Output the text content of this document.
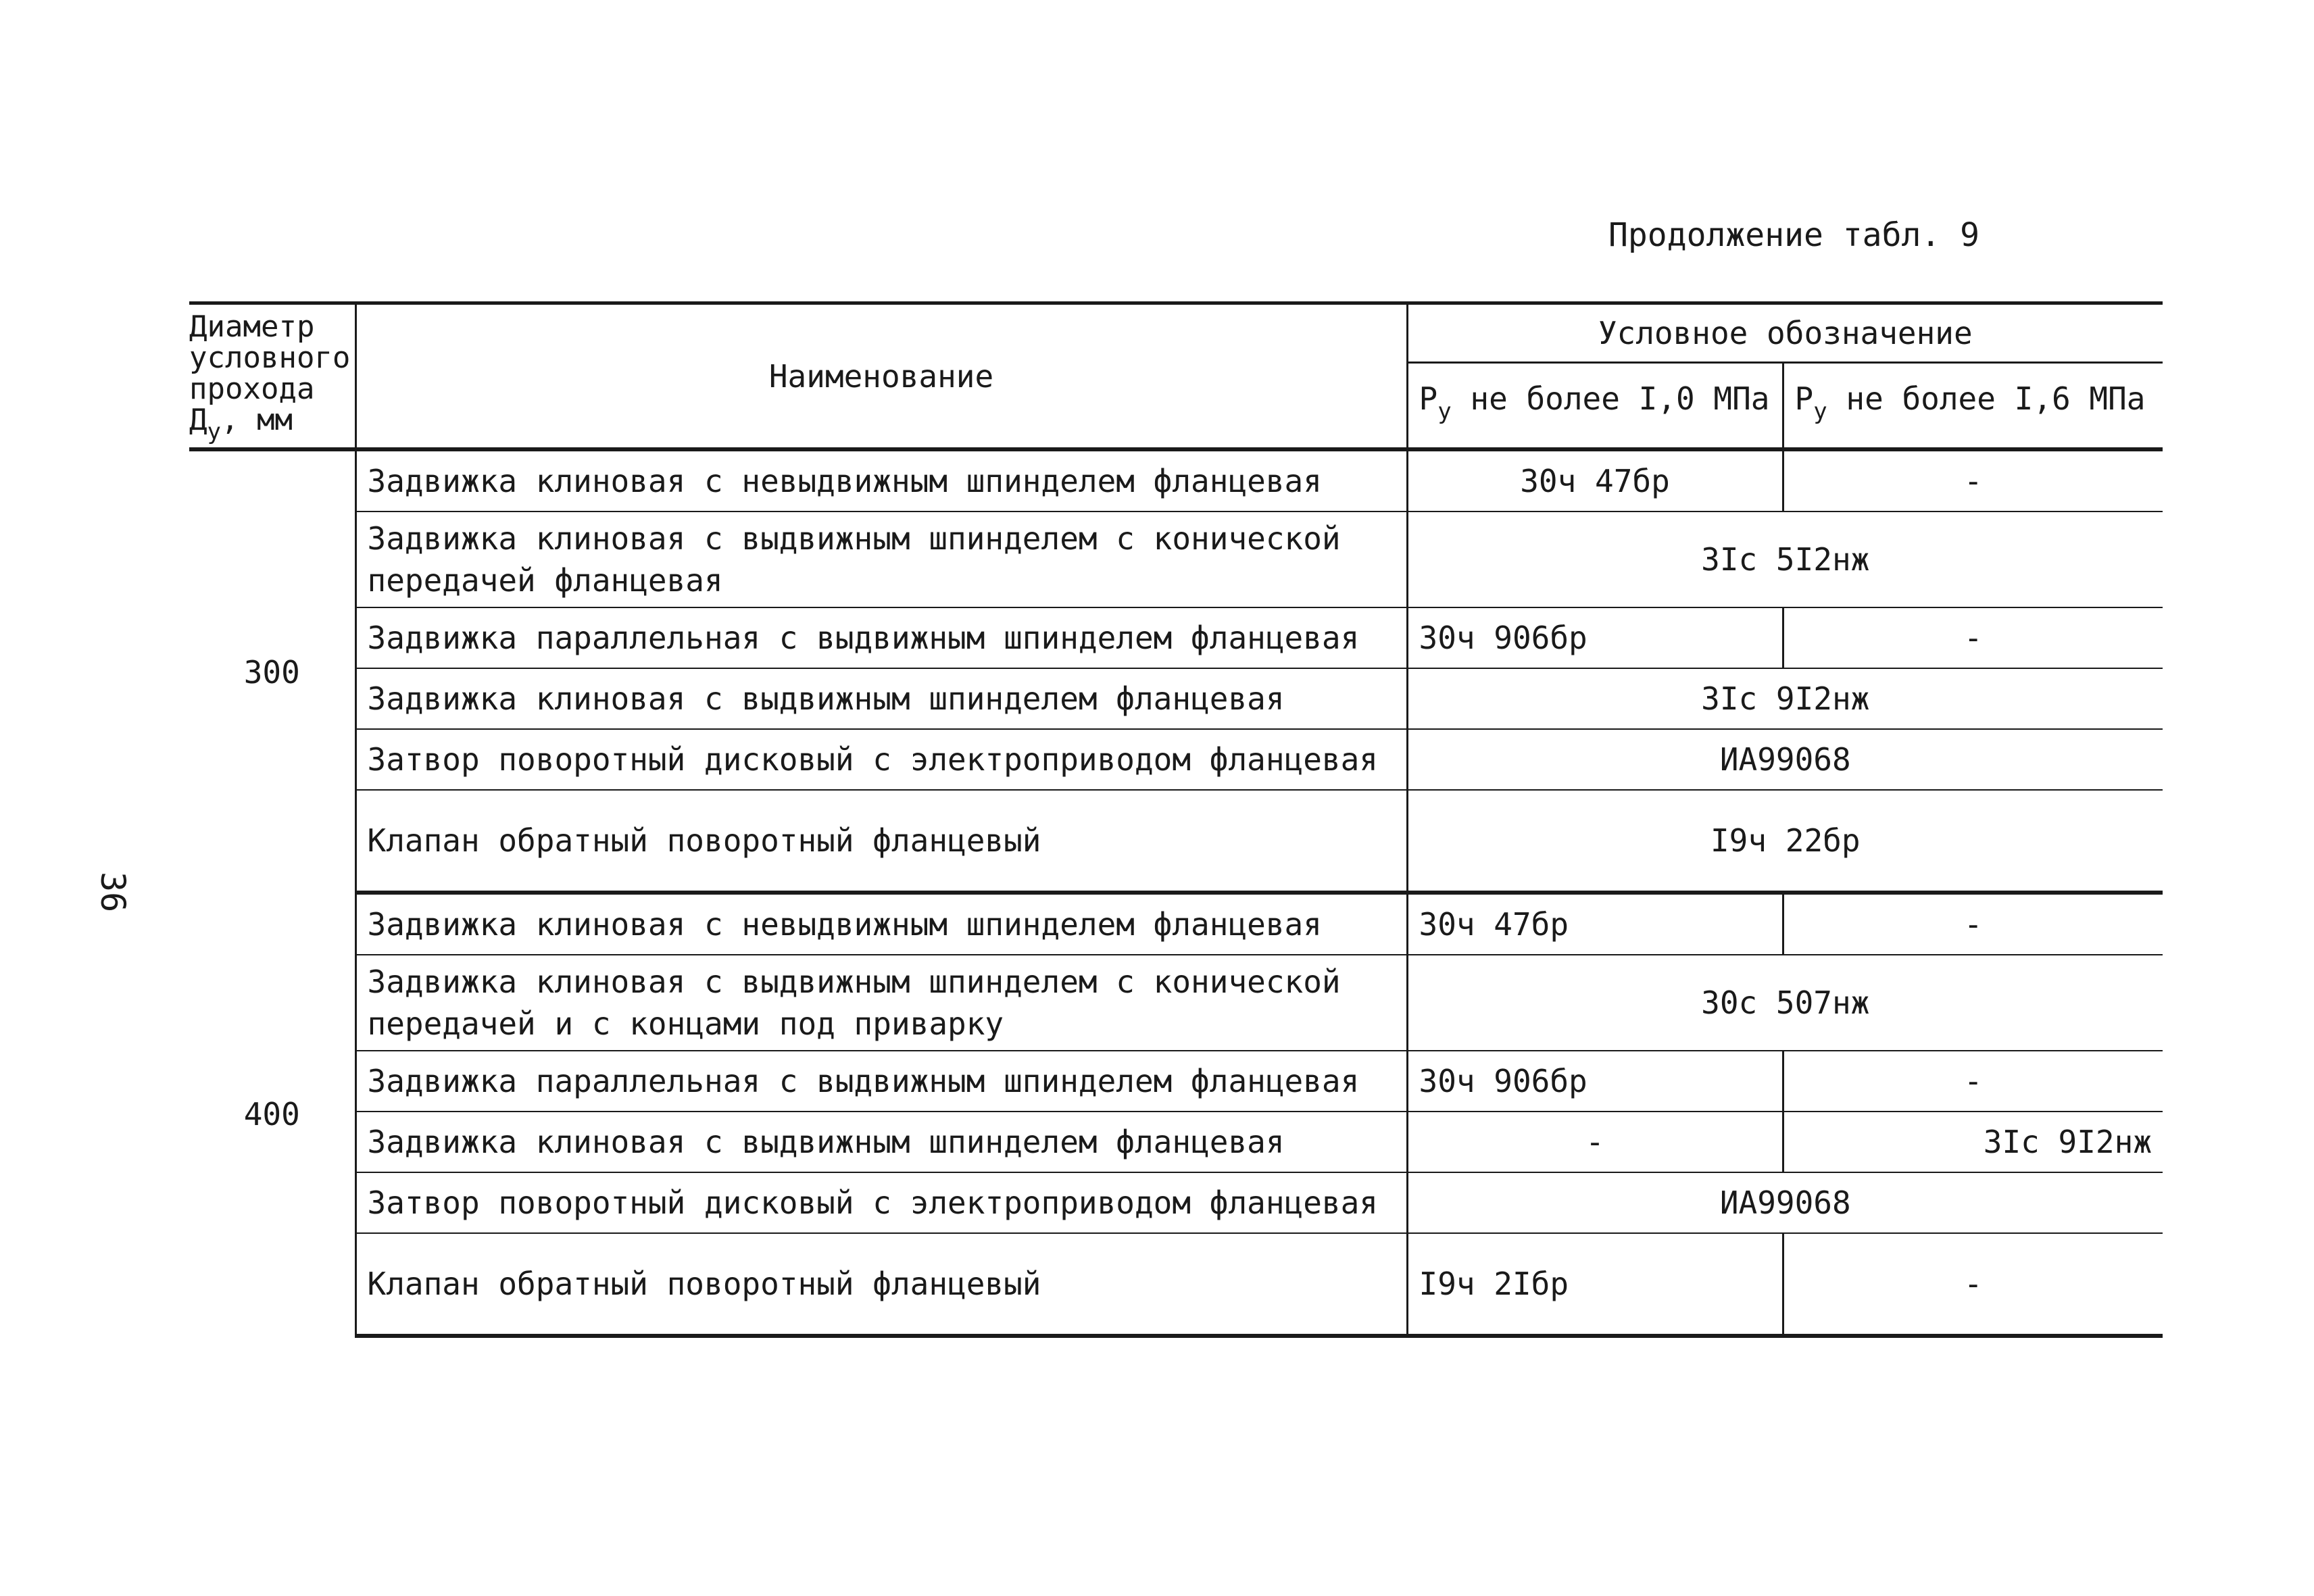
Продолжение табл. 9
36
Диаметр
условного
прохода
$Д_у$, мм	Наименование	Условное обозначение	
		$Р_у$ не более I,0 МПа	$Р_у$ не более I,6 МПа
300	Задвижка клиновая с невыдвижным шпинделем фланцевая	30ч 47бр	-
	Задвижка клиновая с выдвижным шпинделем с конической передачей фланцевая	3Iс 5I2нж	
	Задвижка параллельная с выдвижным шпинделем фланцевая	30ч 906бр	-
	Задвижка клиновая с выдвижным шпинделем фланцевая	3Iс 9I2нж	
	Затвор поворотный дисковый с электроприводом фланцевая	ИА99068	
	Клапан обратный поворотный фланцевый	I9ч 22бр	
400	Задвижка клиновая с невыдвижным шпинделем фланцевая	30ч 47бр	-
	Задвижка клиновая с выдвижным шпинделем с конической передачей и с концами под приварку	30с 507нж	
	Задвижка параллельная с выдвижным шпинделем фланцевая	30ч 906бр	-
	Задвижка клиновая с выдвижным шпинделем фланцевая	-	3Iс 9I2нж
	Затвор поворотный дисковый с электроприводом фланцевая	ИА99068	
	Клапан обратный поворотный фланцевый	I9ч 2Iбр	-
